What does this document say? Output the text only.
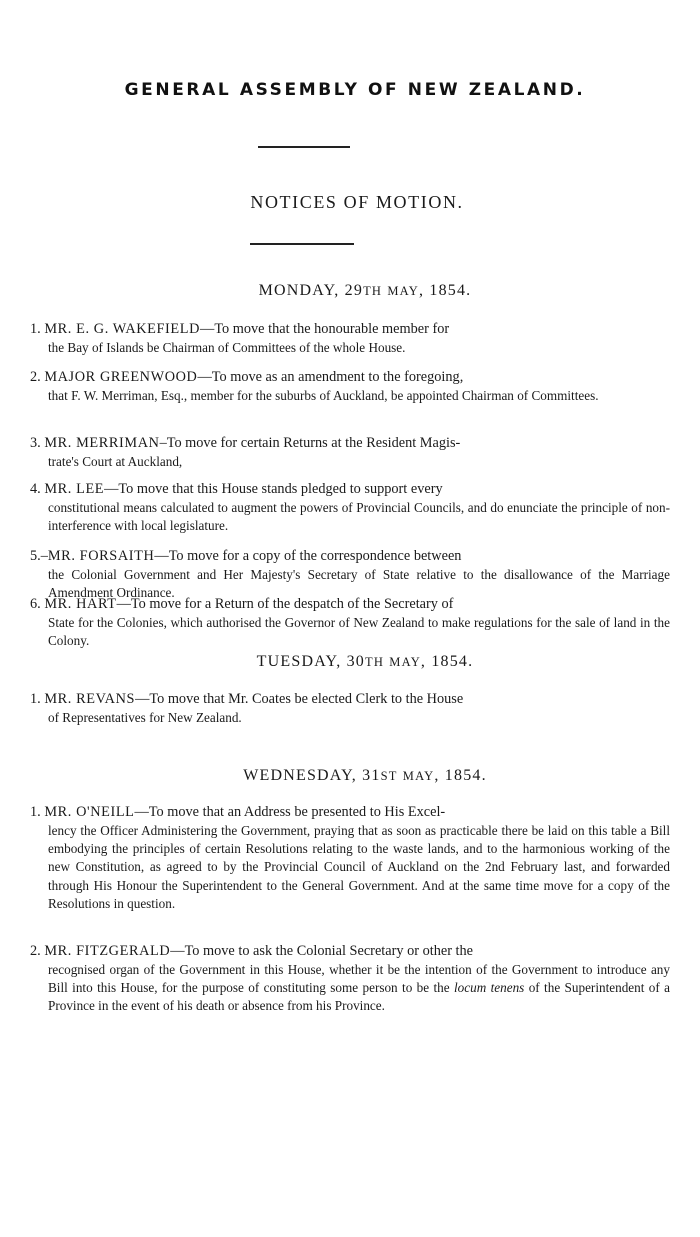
GENERAL ASSEMBLY OF NEW ZEALAND.
NOTICES OF MOTION.
MONDAY, 29TH MAY, 1854.
1. MR. E. G. WAKEFIELD—To move that the honourable member for
the Bay of Islands be Chairman of Committees of the whole House.
2. MAJOR GREENWOOD—To move as an amendment to the foregoing,
that F. W. Merriman, Esq., member for the suburbs of Auckland, be appointed Chairman of Committees.
3. MR. MERRIMAN–To move for certain Returns at the Resident Magis-
trate's Court at Auckland,
4. MR. LEE—To move that this House stands pledged to support every
constitutional means calculated to augment the powers of Provincial Councils, and do enunciate the principle of non-interference with local legislature.
5.–MR. FORSAITH—To move for a copy of the correspondence between
the Colonial Government and Her Majesty's Secretary of State relative to the disallowance of the Marriage Amendment Ordinance.
6. MR. HART—To move for a Return of the despatch of the Secretary of
State for the Colonies, which authorised the Governor of New Zealand to make regulations for the sale of land in the Colony.
TUESDAY, 30TH MAY, 1854.
1. MR. REVANS—To move that Mr. Coates be elected Clerk to the House
of Representatives for New Zealand.
WEDNESDAY, 31ST MAY, 1854.
1. MR. O'NEILL—To move that an Address be presented to His Excel-
lency the Officer Administering the Government, praying that as soon as practicable there be laid on this table a Bill embodying the principles of certain Resolutions relating to the waste lands, and to the harmonious working of the new Constitution, as agreed to by the Provincial Council of Auckland on the 2nd February last, and forwarded through His Honour the Superintendent to the General Government. And at the same time move for a copy of the Resolutions in question.
2. MR. FITZGERALD—To move to ask the Colonial Secretary or other the
recognised organ of the Government in this House, whether it be the intention of the Government to introduce any Bill into this House, for the purpose of constituting some person to be the locum tenens of the Superintendent of a Province in the event of his death or absence from his Province.
